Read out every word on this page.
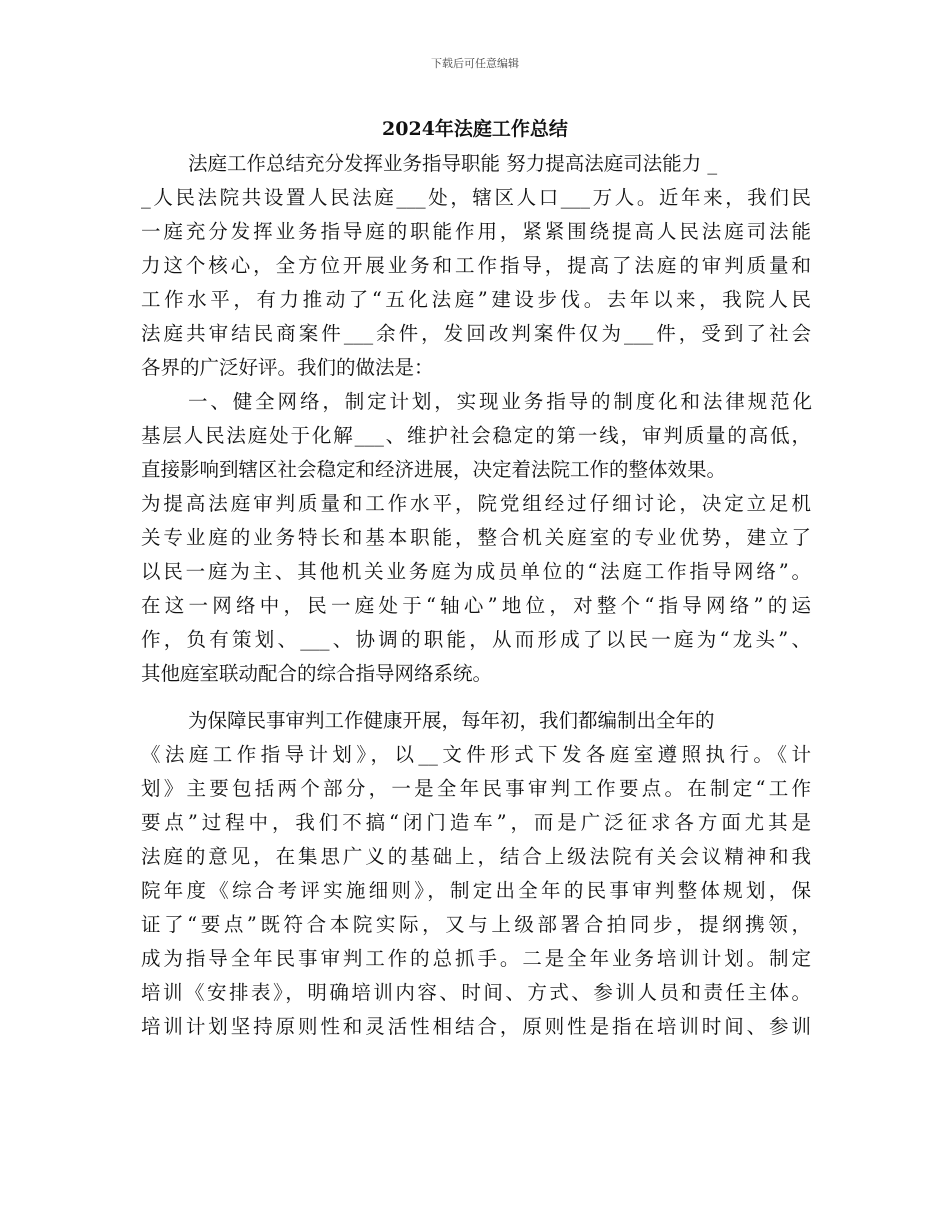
下载后可任意编辑
2024年法庭工作总结
法庭工作总结充分发挥业务指导职能 努力提高法庭司法能力 _
_人民法院共设置人民法庭___处，辖区人口___万人。近年来，我们民
一庭充分发挥业务指导庭的职能作用，紧紧围绕提高人民法庭司法能
力这个核心，全方位开展业务和工作指导，提高了法庭的审判质量和
工作水平，有力推动了“五化法庭”建设步伐。去年以来，我院人民
法庭共审结民商案件___余件，发回改判案件仅为___件，受到了社会
各界的广泛好评。我们的做法是：
一、健全网络，制定计划，实现业务指导的制度化和法律规范化
基层人民法庭处于化解___、维护社会稳定的第一线，审判质量的高低，
直接影响到辖区社会稳定和经济进展，决定着法院工作的整体效果。
为提高法庭审判质量和工作水平，院党组经过仔细讨论，决定立足机
关专业庭的业务特长和基本职能，整合机关庭室的专业优势，建立了
以民一庭为主、其他机关业务庭为成员单位的“法庭工作指导网络”。
在这一网络中，民一庭处于“轴心”地位，对整个“指导网络”的运
作，负有策划、___、协调的职能，从而形成了以民一庭为“龙头”、
其他庭室联动配合的综合指导网络系统。
为保障民事审判工作健康开展，每年初，我们都编制出全年的
《法庭工作指导计划》，以__文件形式下发各庭室遵照执行。《计
划》主要包括两个部分，一是全年民事审判工作要点。在制定“工作
要点”过程中，我们不搞“闭门造车”，而是广泛征求各方面尤其是
法庭的意见，在集思广义的基础上，结合上级法院有关会议精神和我
院年度《综合考评实施细则》，制定出全年的民事审判整体规划，保
证了“要点”既符合本院实际，又与上级部署合拍同步，提纲携领，
成为指导全年民事审判工作的总抓手。二是全年业务培训计划。制定
培训《安排表》，明确培训内容、时间、方式、参训人员和责任主体。
培训计划坚持原则性和灵活性相结合，原则性是指在培训时间、参训
